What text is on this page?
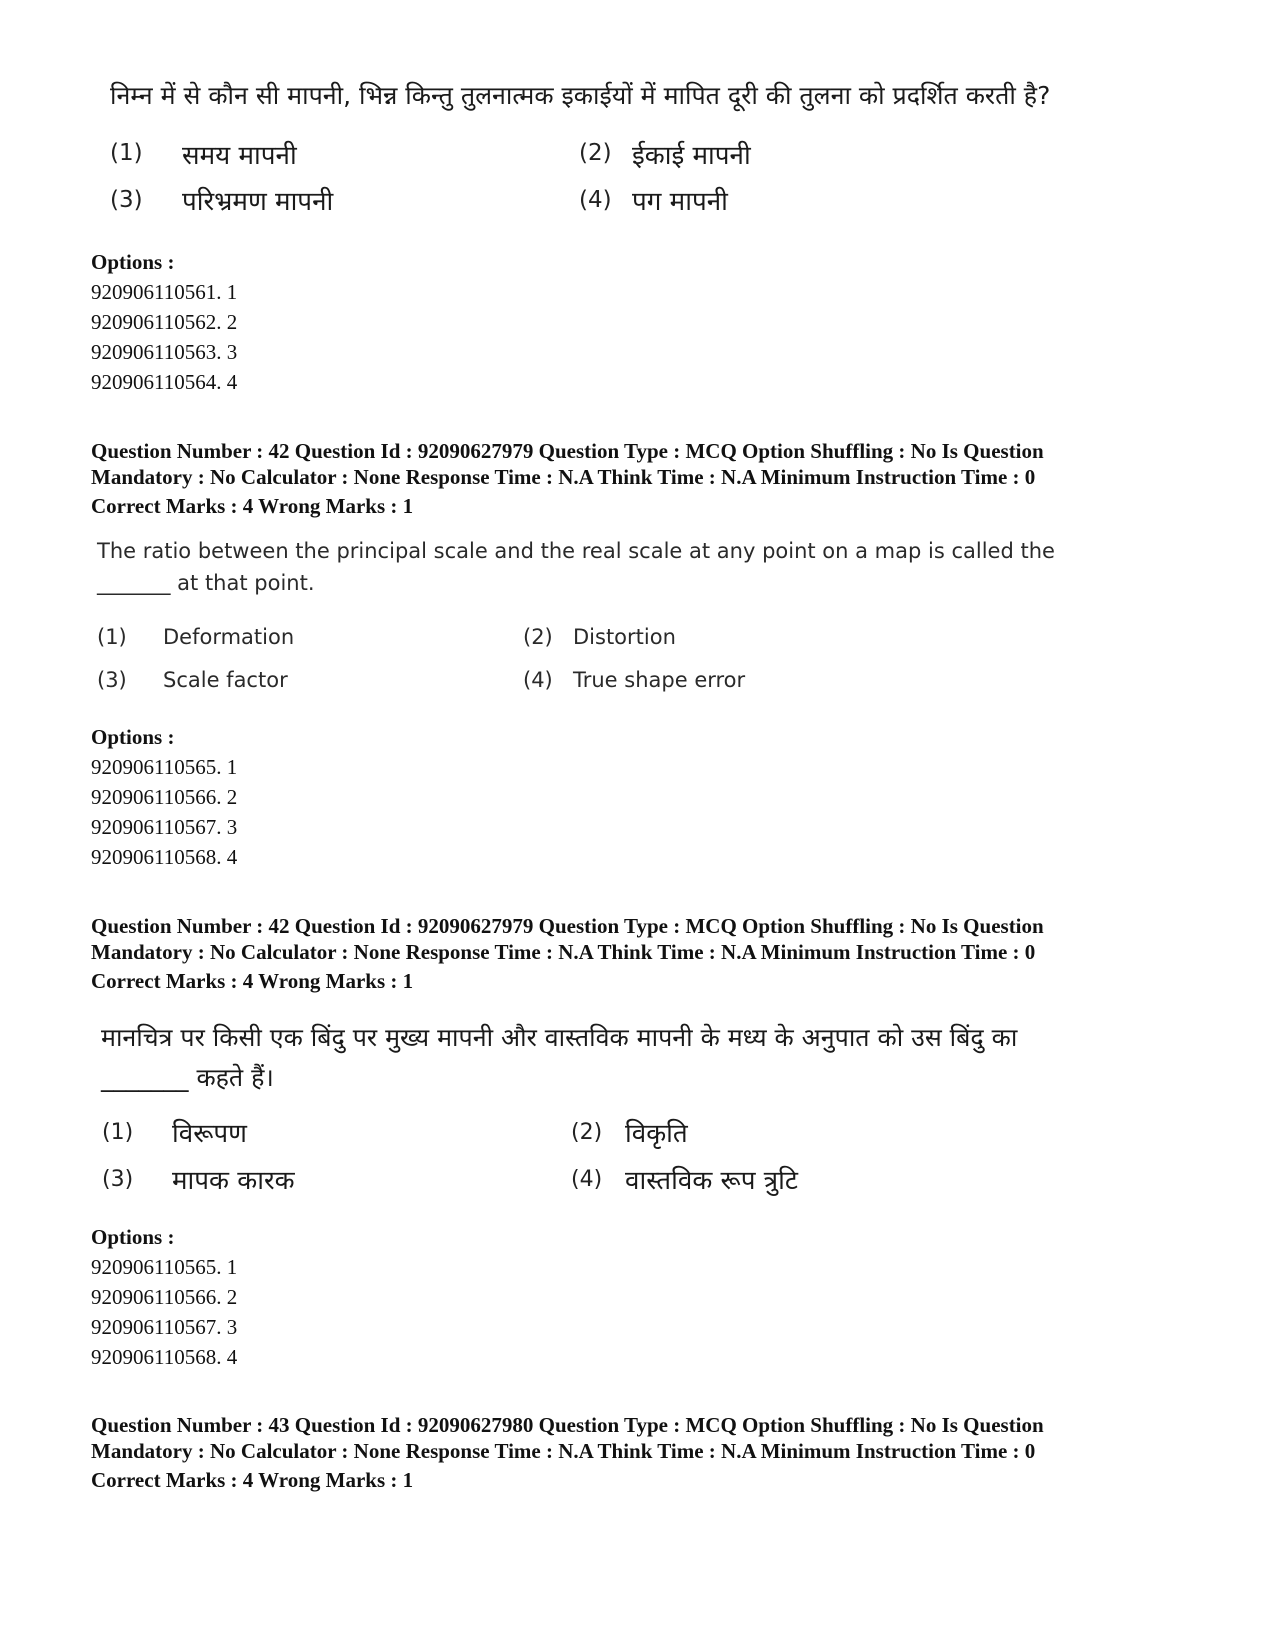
निम्न में से कौन सी मापनी, भिन्न किन्तु तुलनात्मक इकाईयों में मापित दूरी की तुलना को प्रदर्शित करती है?
(1) समय मापनी	(2) ईकाई मापनी
(3) परिभ्रमण मापनी	(4) पग मापनी
Options :
920906110561. 1
920906110562. 2
920906110563. 3
920906110564. 4
Question Number : 42 Question Id : 92090627979 Question Type : MCQ Option Shuffling : No Is Question
Mandatory : No Calculator : None Response Time : N.A Think Time : N.A Minimum Instruction Time : 0
Correct Marks : 4 Wrong Marks : 1
The ratio between the principal scale and the real scale at any point on a map is called the
_______ at that point.
(1) Deformation	(2) Distortion
(3) Scale factor	(4) True shape error
Options :
920906110565. 1
920906110566. 2
920906110567. 3
920906110568. 4
Question Number : 42 Question Id : 92090627979 Question Type : MCQ Option Shuffling : No Is Question
Mandatory : No Calculator : None Response Time : N.A Think Time : N.A Minimum Instruction Time : 0
Correct Marks : 4 Wrong Marks : 1
मानचित्र पर किसी एक बिंदु पर मुख्य मापनी और वास्तविक मापनी के मध्य के अनुपात को उस बिंदु का
_______ कहते हैं।
(1) विरूपण	(2) विकृति
(3) मापक कारक	(4) वास्तविक रूप त्रुटि
Options :
920906110565. 1
920906110566. 2
920906110567. 3
920906110568. 4
Question Number : 43 Question Id : 92090627980 Question Type : MCQ Option Shuffling : No Is Question
Mandatory : No Calculator : None Response Time : N.A Think Time : N.A Minimum Instruction Time : 0
Correct Marks : 4 Wrong Marks : 1
